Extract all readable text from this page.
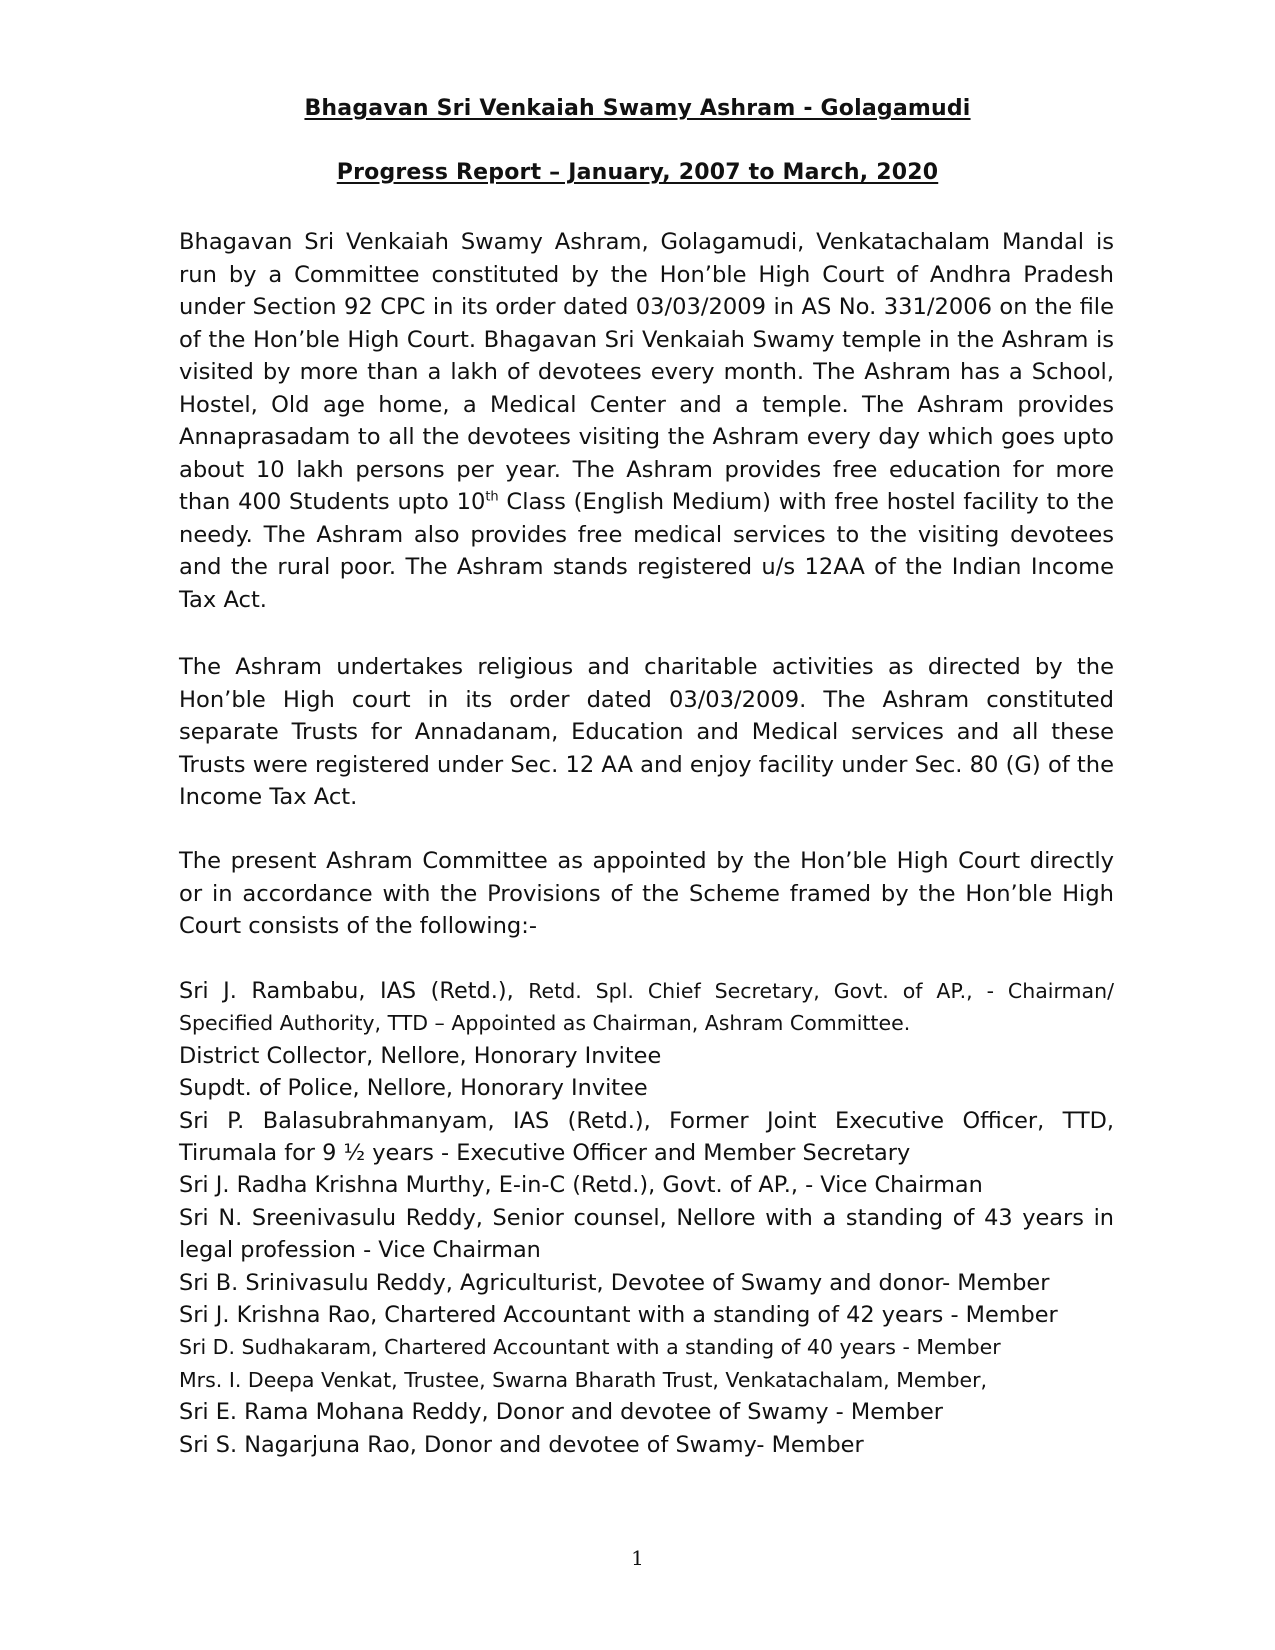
Bhagavan Sri Venkaiah Swamy Ashram - Golagamudi
Progress Report – January, 2007 to March, 2020

Bhagavan Sri Venkaiah Swamy Ashram, Golagamudi, Venkatachalam Mandal is run by a Committee constituted by the Hon’ble High Court of Andhra Pradesh under Section 92 CPC in its order dated 03/03/2009 in AS No. 331/2006 on the file of the Hon’ble High Court. Bhagavan Sri Venkaiah Swamy temple in the Ashram is visited by more than a lakh of devotees every month. The Ashram has a School, Hostel, Old age home, a Medical Center and a temple. The Ashram provides Annaprasadam to all the devotees visiting the Ashram every day which goes upto about 10 lakh persons per year. The Ashram provides free education for more than 400 Students upto 10th Class (English Medium) with free hostel facility to the needy. The Ashram also provides free medical services to the visiting devotees and the rural poor. The Ashram stands registered u/s 12AA of the Indian Income Tax Act.

The Ashram undertakes religious and charitable activities as directed by the Hon’ble High court in its order dated 03/03/2009. The Ashram constituted separate Trusts for Annadanam, Education and Medical services and all these Trusts were registered under Sec. 12 AA and enjoy facility under Sec. 80 (G) of the Income Tax Act.

The present Ashram Committee as appointed by the Hon’ble High Court directly or in accordance with the Provisions of the Scheme framed by the Hon’ble High Court consists of the following:-

Sri J. Rambabu, IAS (Retd.), Retd. Spl. Chief Secretary, Govt. of AP., - Chairman/ Specified Authority, TTD – Appointed as Chairman, Ashram Committee.
District Collector, Nellore, Honorary Invitee
Supdt. of Police, Nellore, Honorary Invitee
Sri P. Balasubrahmanyam, IAS (Retd.), Former Joint Executive Officer, TTD, Tirumala for 9 ½ years - Executive Officer and Member Secretary
Sri J. Radha Krishna Murthy, E-in-C (Retd.), Govt. of AP., - Vice Chairman
Sri N. Sreenivasulu Reddy, Senior counsel, Nellore with a standing of 43 years in legal profession - Vice Chairman
Sri B. Srinivasulu Reddy, Agriculturist, Devotee of Swamy and donor- Member
Sri J. Krishna Rao, Chartered Accountant with a standing of 42 years - Member
Sri D. Sudhakaram, Chartered Accountant with a standing of 40 years - Member
Mrs. I. Deepa Venkat, Trustee, Swarna Bharath Trust, Venkatachalam, Member,
Sri E. Rama Mohana Reddy, Donor and devotee of Swamy - Member
Sri S. Nagarjuna Rao, Donor and devotee of Swamy- Member
1
